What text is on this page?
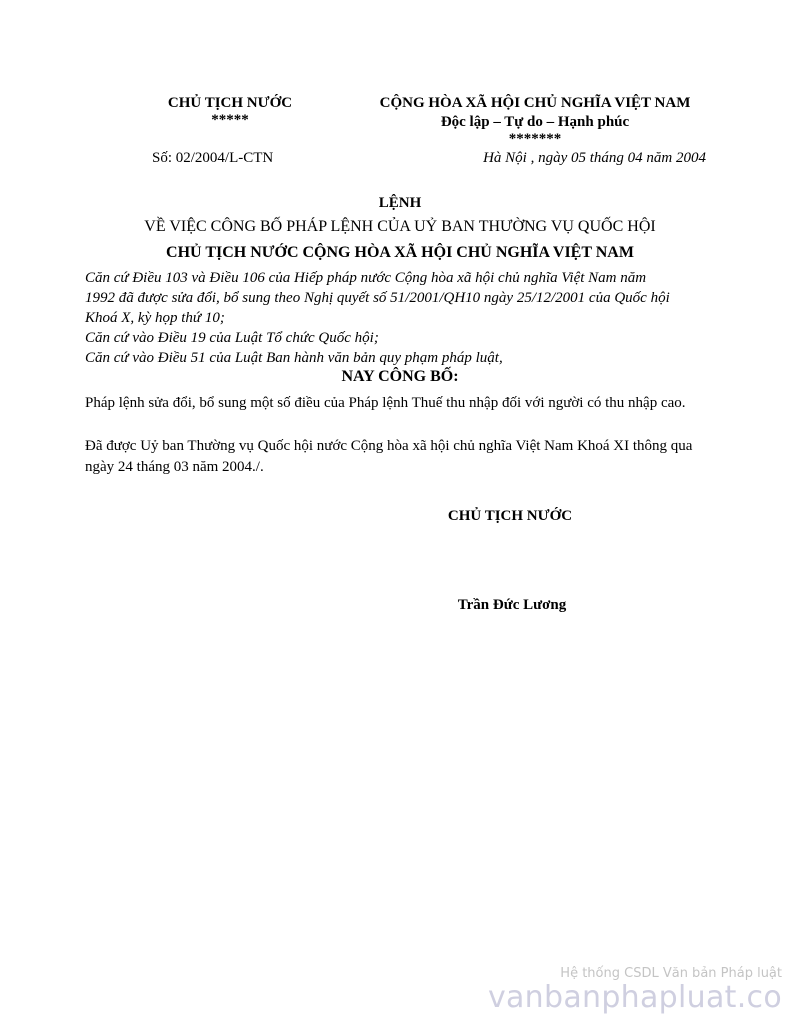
CHỦ TỊCH NƯỚC
*****
CỘNG HÒA XÃ HỘI CHỦ NGHĨA VIỆT NAM
Độc lập – Tự do – Hạnh phúc
*******
Số: 02/2004/L-CTN	Hà Nội , ngày 05 tháng 04 năm 2004
LỆNH
VỀ VIỆC CÔNG BỐ PHÁP LỆNH CỦA UỶ BAN THƯỜNG VỤ QUỐC HỘI
CHỦ TỊCH NƯỚC CỘNG HÒA XÃ HỘI CHỦ NGHĨA VIỆT NAM
Căn cứ Điều 103 và Điều 106 của Hiếp pháp nước Cộng hòa xã hội chủ nghĩa Việt Nam năm
1992 đã được sửa đổi, bổ sung theo Nghị quyết số 51/2001/QH10 ngày 25/12/2001 của Quốc hội
Khoá X, kỳ họp thứ 10;
Căn cứ vào Điều 19 của Luật Tổ chức Quốc hội;
Căn cứ vào Điều 51 của Luật Ban hành văn bản quy phạm pháp luật,
NAY CÔNG BỐ:
Pháp lệnh sửa đổi, bổ sung một số điều của Pháp lệnh Thuế thu nhập đối với người có thu nhập cao.
Đã được Uỷ ban Thường vụ Quốc hội nước Cộng hòa xã hội chủ nghĩa Việt Nam Khoá XI thông qua ngày 24 tháng 03 năm 2004./.
CHỦ TỊCH NƯỚC
Trần Đức Lương
Hệ thống CSDL Văn bản Pháp luật
vanbanphapluat.co
